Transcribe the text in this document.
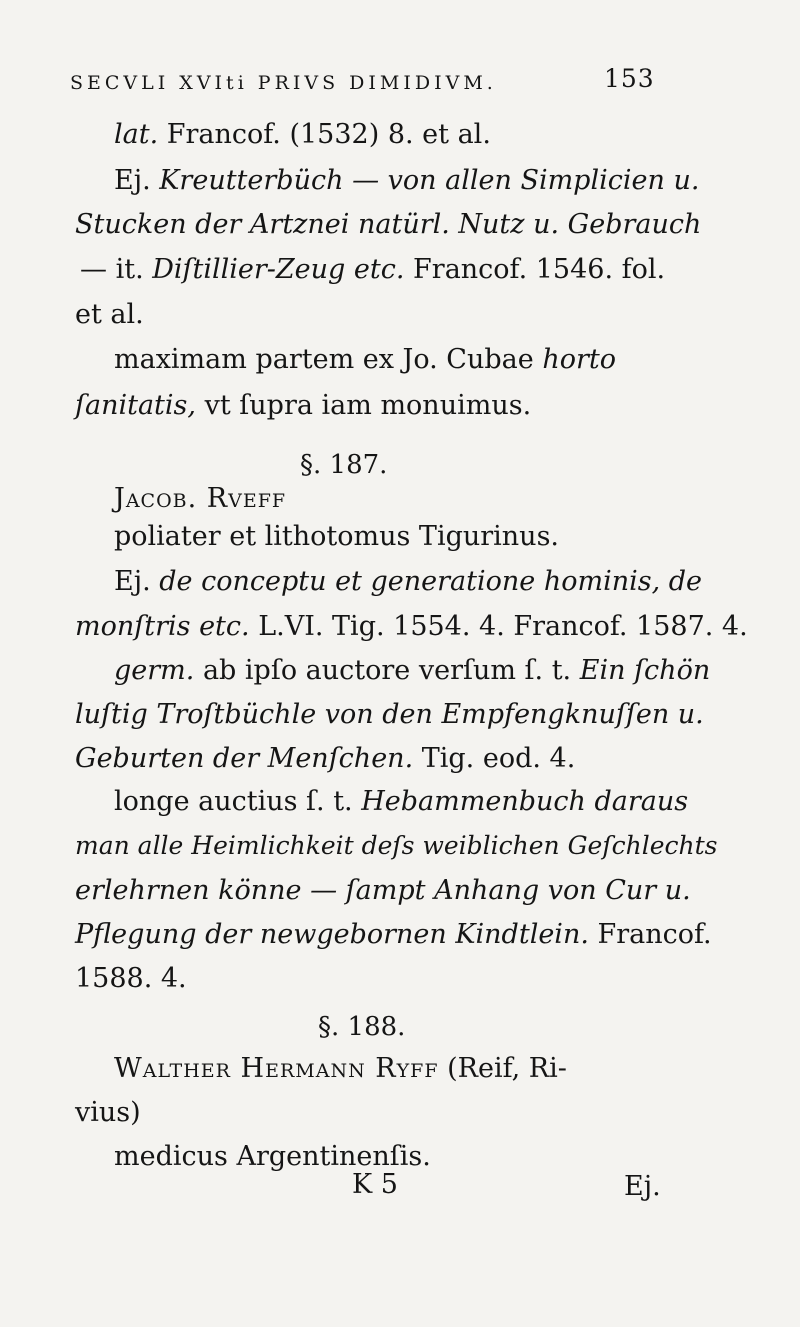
SECVLI XVIti PRIVS DIMIDIVM.	153
lat. Francof. (1532) 8. et al.
Ej. Kreutterbüch — von allen Simplicien u.
Stucken der Artznei natürl. Nutz u. Gebrauch
— it. Diſtillier-Zeug etc. Francof. 1546. fol.
et al.
maximam partem ex Jo. Cubae horto
ſanitatis, vt ſupra iam monuimus.
§. 187.
Jacob. Rveff
poliater et lithotomus Tigurinus.
Ej. de conceptu et generatione hominis, de
monſtris etc. L.VI. Tig. 1554. 4. Francof. 1587. 4.
germ. ab ipſo auctore verſum ſ. t. Ein ſchön
luſtig Troſtbüchle von den Empfengknuſſen u.
Geburten der Menſchen. Tig. eod. 4.
longe auctius ſ. t. Hebammenbuch daraus
man alle Heimlichkeit deſs weiblichen Geſchlechts
erlehrnen könne — ſampt Anhang von Cur u.
Pflegung der newgebornen Kindtlein. Francof.
1588. 4.
§. 188.
Walther Hermann Ryff (Reif, Ri-
vius)
medicus Argentinenſis.
K 5	Ej.
